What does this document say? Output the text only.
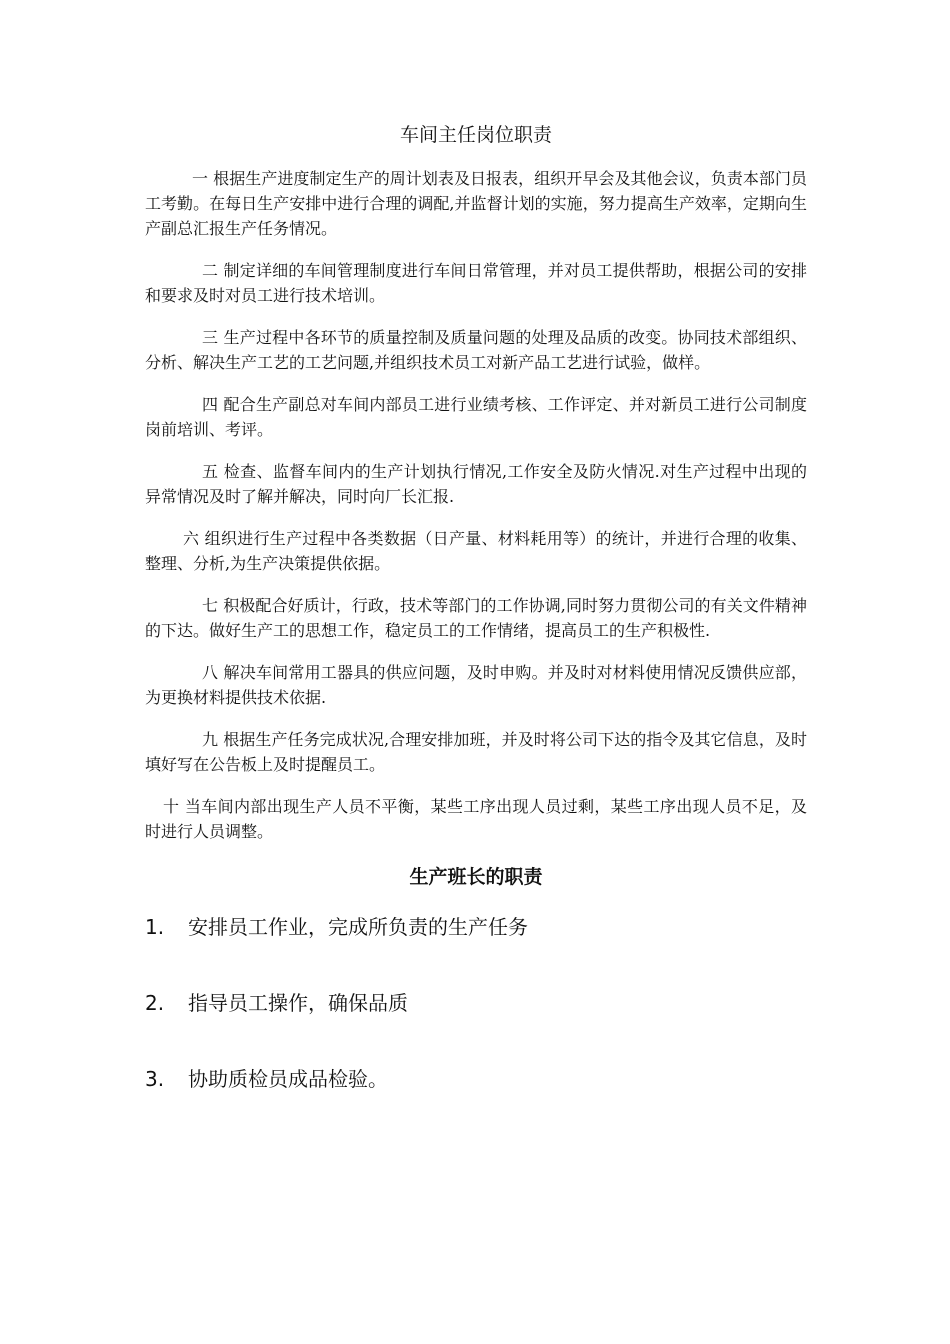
车间主任岗位职责

一 根据生产进度制定生产的周计划表及日报表，组织开早会及其他会议，负责本部门员工考勤。在每日生产安排中进行合理的调配,并监督计划的实施，努力提高生产效率，定期向生产副总汇报生产任务情况。

二 制定详细的车间管理制度进行车间日常管理，并对员工提供帮助，根据公司的安排和要求及时对员工进行技术培训。

三 生产过程中各环节的质量控制及质量问题的处理及品质的改变。协同技术部组织、分析、解决生产工艺的工艺问题,并组织技术员工对新产品工艺进行试验，做样。

四 配合生产副总对车间内部员工进行业绩考核、工作评定、并对新员工进行公司制度岗前培训、考评。

五 检查、监督车间内的生产计划执行情况,工作安全及防火情况.对生产过程中出现的异常情况及时了解并解决，同时向厂长汇报.

六 组织进行生产过程中各类数据（日产量、材料耗用等）的统计，并进行合理的收集、整理、分析,为生产决策提供依据。

七 积极配合好质计，行政，技术等部门的工作协调,同时努力贯彻公司的有关文件精神的下达。做好生产工的思想工作，稳定员工的工作情绪，提高员工的生产积极性.

八 解决车间常用工器具的供应问题，及时申购。并及时对材料使用情况反馈供应部，为更换材料提供技术依据.

九 根据生产任务完成状况,合理安排加班，并及时将公司下达的指令及其它信息，及时填好写在公告板上及时提醒员工。

十 当车间内部出现生产人员不平衡，某些工序出现人员过剩，某些工序出现人员不足，及时进行人员调整。

生产班长的职责
1.	安排员工作业，完成所负责的生产任务
2.	指导员工操作，确保品质
3.	协助质检员成品检验。
